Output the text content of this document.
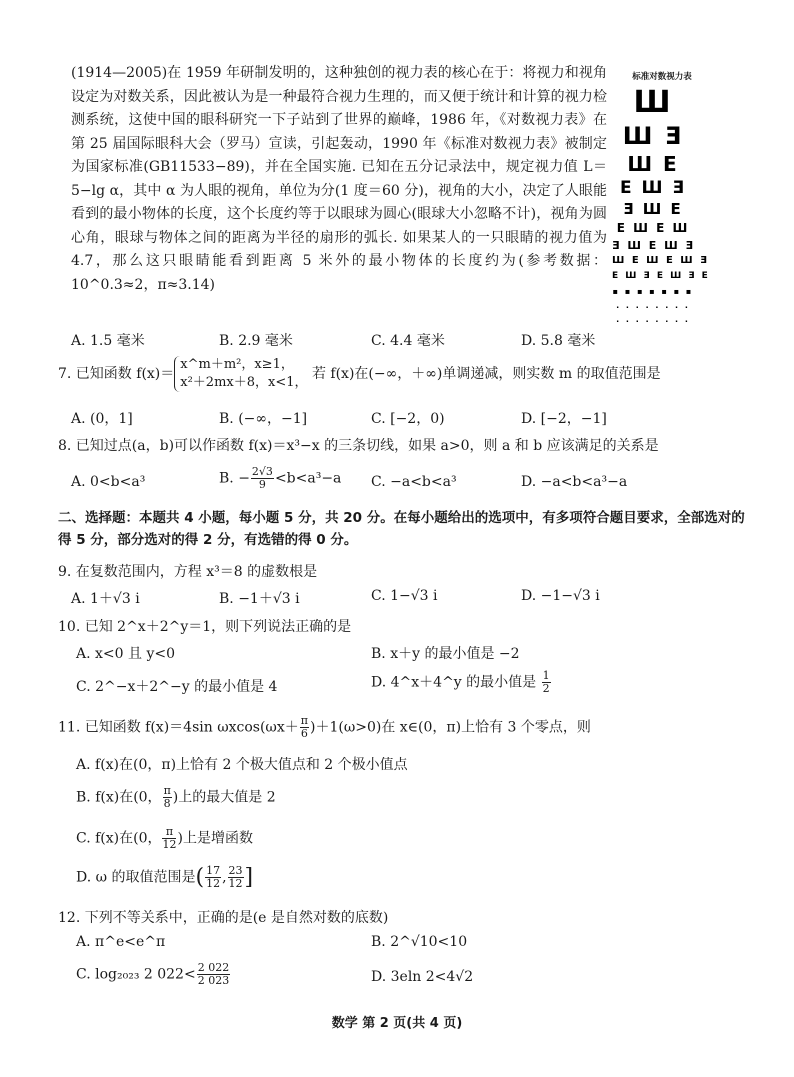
(1914—2005)在 1959 年研制发明的，这种独创的视力表的核心在于：将视力和视角设定为对数关系，因此被认为是一种最符合视力生理的，而又便于统计和计算的视力检测系统，这使中国的眼科研究一下子站到了世界的巅峰，1986 年，《对数视力表》在第 25 届国际眼科大会（罗马）宣读，引起轰动，1990 年《标准对数视力表》被制定为国家标准(GB11533−89)，并在全国实施. 已知在五分记录法中，规定视力值 L＝5−lg α，其中 α 为人眼的视角，单位为分(1 度＝60 分)，视角的大小，决定了人眼能看到的最小物体的长度，这个长度约等于以眼球为圆心(眼球大小忽略不计)，视角为圆心角，眼球与物体之间的距离为半径的扇形的弧长. 如果某人的一只眼睛的视力值为 4.7，那么这只眼睛能看到距离 5 米外的最小物体的长度约为(参考数据：10^0.3≈2，π≈3.14)
标准对数视力表
Ш
Ш Ǝ
Ш E
E Ш Ǝ
Ǝ Ш E
E Ш E Ш
Ǝ Ш E Ш Ǝ
Ш E Ш E Ш Ǝ
E Ш Ǝ E Ш Ǝ E
▪ ▪ ▪ ▪ ▪ ▪ ▪
· · · · · · · ·
· · · · · · · ·
A. 1.5 毫米	B. 2.9 毫米	C. 4.4 毫米	D. 5.8 毫米
7. 已知函数 f(x)＝
x^m＋m²，x≥1，
x²＋2mx＋8，x<1，
若 f(x)在(−∞，＋∞)单调递减，则实数 m 的取值范围是
A. (0，1]	B. (−∞，−1]	C. [−2，0)	D. [−2，−1]
8. 已知过点(a，b)可以作函数 f(x)＝x³−x 的三条切线，如果 a>0，则 a 和 b 应该满足的关系是
A. 0<b<a³	B. − $\frac{2√3}{9} <b<a^3-a$ C. −a<b<a³	D. −a<b<a³−a
二、选择题：本题共 4 小题，每小题 5 分，共 20 分。在每小题给出的选项中，有多项符合题目要求，全部选对的得 5 分，部分选对的得 2 分，有选错的得 0 分。
9. 在复数范围内，方程 x³＝8 的虚数根是
A. 1＋√3 i	B. −1＋√3 i	C. 1−√3 i	D. −1−√3 i
10. 已知 2^x＋2^y＝1，则下列说法正确的是
A. x<0 且 y<0	B. x＋y 的最小值是 −2
C. 2^−x＋2^−y 的最小值是 4	D. 4^x＋4^y 的最小值是 $\frac{1}{2}$
11. 已知函数 f(x)＝4sin $\omega xcos(\omega x+ \frac{\pi}{6} )+1(\omega>0)$在 x∈(0，π)上恰有 3 个零点，则
A. f(x)在(0，π)上恰有 2 个极大值点和 2 个极小值点
B. f(x)在(0， $\frac{\pi}{8}$ )上的最大值是 2
C. f(x)在(0， $\frac{\pi}{12}$ )上是增函数
D. ω 的取值范围是( $\frac{17}{12}$ , $\frac{23}{12}$ ]
12. 下列不等关系中，正确的是(e 是自然对数的底数)
A. π^e<e^π	B. 2^√10<10
C. log₂₀₂₃ 2 $022< \frac{2 022}{2 023}$	D. 3eln 2<4√2
数学 第 2 页(共 4 页)
